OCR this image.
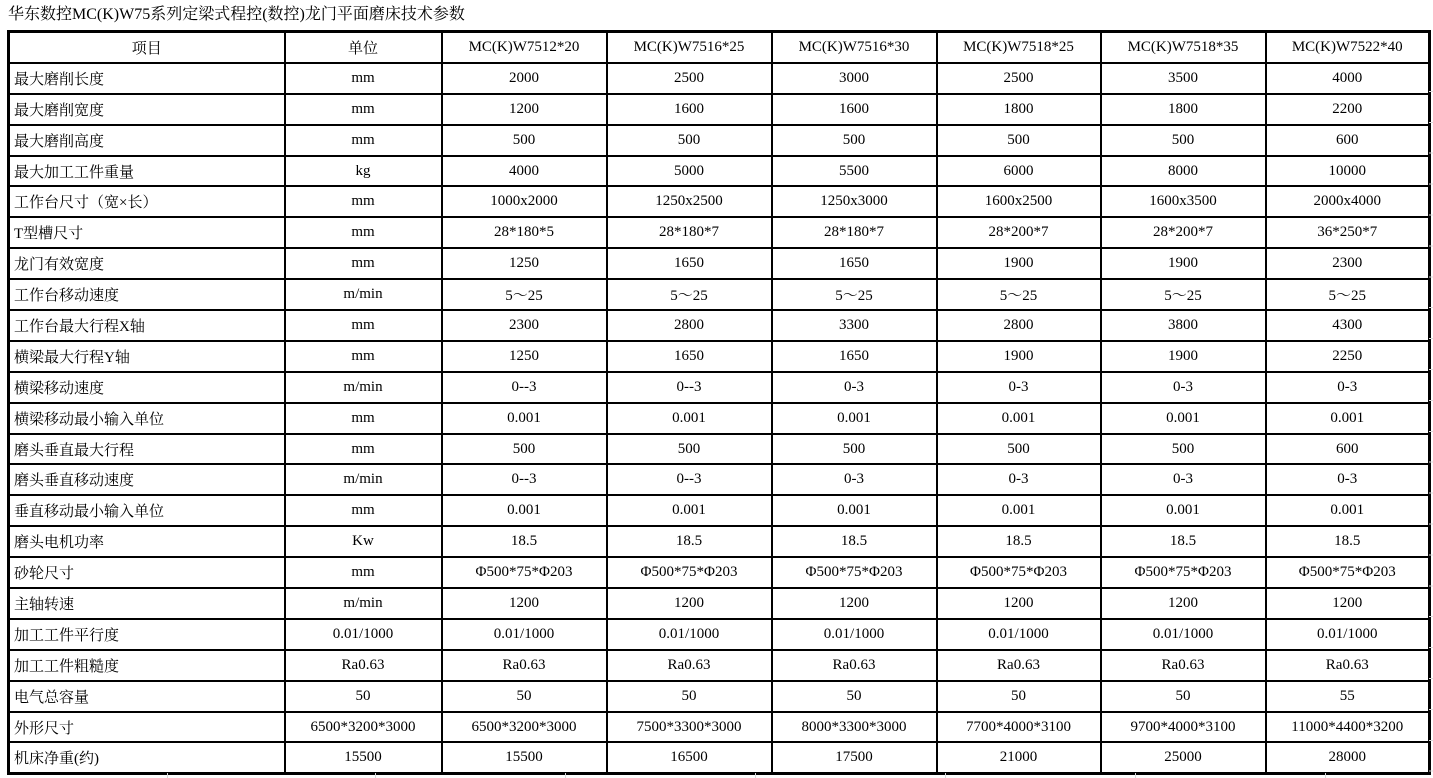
华东数控MC(K)W75系列定梁式程控(数控)龙门平面磨床技术参数
项目	单位	MC(K)W7512*20	MC(K)W7516*25	MC(K)W7516*30	MC(K)W7518*25	MC(K)W7518*35	MC(K)W7522*40
最大磨削长度	mm	2000	2500	3000	2500	3500	4000
最大磨削宽度	mm	1200	1600	1600	1800	1800	2200
最大磨削高度	mm	500	500	500	500	500	600
最大加工工件重量	kg	4000	5000	5500	6000	8000	10000
工作台尺寸（宽×长）	mm	1000x2000	1250x2500	1250x3000	1600x2500	1600x3500	2000x4000
T型槽尺寸	mm	28*180*5	28*180*7	28*180*7	28*200*7	28*200*7	36*250*7
龙门有效宽度	mm	1250	1650	1650	1900	1900	2300
工作台移动速度	m/min	5～25	5～25	5～25	5～25	5～25	5～25
工作台最大行程X轴	mm	2300	2800	3300	2800	3800	4300
横梁最大行程Y轴	mm	1250	1650	1650	1900	1900	2250
横梁移动速度	m/min	0--3	0--3	0-3	0-3	0-3	0-3
横梁移动最小输入单位	mm	0.001	0.001	0.001	0.001	0.001	0.001
磨头垂直最大行程	mm	500	500	500	500	500	600
磨头垂直移动速度	m/min	0--3	0--3	0-3	0-3	0-3	0-3
垂直移动最小输入单位	mm	0.001	0.001	0.001	0.001	0.001	0.001
磨头电机功率	Kw	18.5	18.5	18.5	18.5	18.5	18.5
砂轮尺寸	mm	Φ500*75*Φ203	Φ500*75*Φ203	Φ500*75*Φ203	Φ500*75*Φ203	Φ500*75*Φ203	Φ500*75*Φ203
主轴转速	m/min	1200	1200	1200	1200	1200	1200
加工工件平行度	0.01/1000	0.01/1000	0.01/1000	0.01/1000	0.01/1000	0.01/1000	0.01/1000
加工工件粗糙度	Ra0.63	Ra0.63	Ra0.63	Ra0.63	Ra0.63	Ra0.63	Ra0.63
电气总容量	50	50	50	50	50	50	55
外形尺寸	6500*3200*3000	6500*3200*3000	7500*3300*3000	8000*3300*3000	7700*4000*3100	9700*4000*3100	11000*4400*3200
机床净重(约)	15500	15500	16500	17500	21000	25000	28000
